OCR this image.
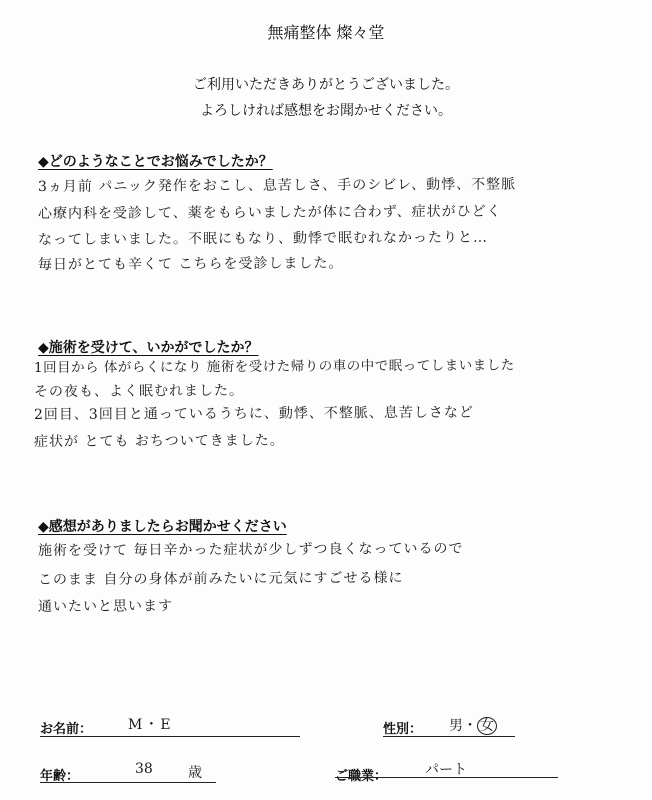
無痛整体 燦々堂
ご利用いただきありがとうございました。
よろしければ感想をお聞かせください。
◆どのようなことでお悩みでしたか？
3ヵ月前 パニック発作をおこし、息苦しさ、手のシビレ、動悸、不整脈
心療内科を受診して、薬をもらいましたが体に合わず、症状がひどく
なってしまいました。不眠にもなり、動悸で眠むれなかったりと…
毎日がとても辛くて こちらを受診しました。
◆施術を受けて、いかがでしたか？
1回目から 体がらくになり 施術を受けた帰りの車の中で眠ってしまいました
その夜も、よく眠むれました。
2回目、3回目と通っているうちに、動悸、不整脈、息苦しさなど
症状が とても おちついてきました。
◆感想がありましたらお聞かせください
施術を受けて 毎日辛かった症状が少しずつ良くなっているので
このまま 自分の身体が前みたいに元気にすごせる様に
通いたいと思います
お名前：	M・E	性別： 男・ 女
年齢：	38	歳	ご職業：	パート
